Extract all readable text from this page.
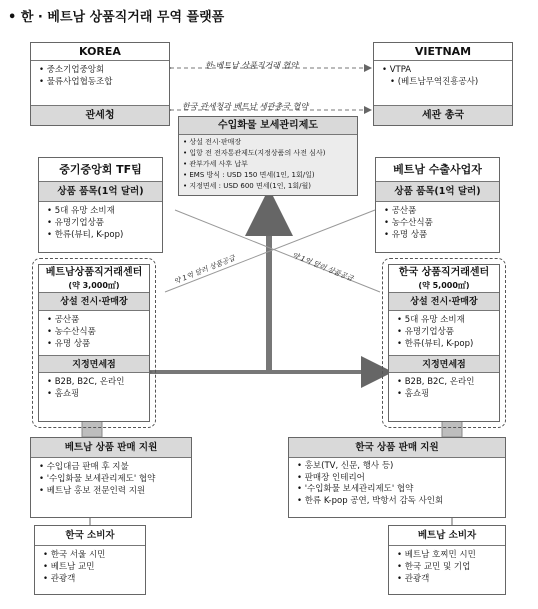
• 한 · 베트남 상품직거래 무역 플랫폼
한-베트남 상품직거래 협약
한국 관세청과 베트남 세관총국 협약
약 1억 달러 상품공급	약 1억 달러 상품공급
KOREA
• 중소기업중앙회
• 물류사업협동조합
관세청
VIETNAM
• VTPA
• (베트남무역진흥공사)
세관 총국
수입화물 보세관리제도
• 상설 전시·판매장
• 입항 전 전자통관제도(지정상품의 사전 심사)
• 관부가세 사후 납부
• EMS 방식 : USD 150 면세(1인, 1회/일)
• 지정면세 : USD 600 면세(1인, 1회/월)
중기중앙회 TF팀
상품 품목(1억 달러)
• 5대 유망 소비재
• 유명기업상품
• 한류(뷰티, K-pop)
베트남 수출사업자
상품 품목(1억 달러)
• 공산품
• 농수산식품
• 유명 상품
베트남상품직거래센터
(약 3,000㎡)
상설 전시·판매장
• 공산품
• 농수산식품
• 유명 상품
지정면세점
• B2B, B2C, 온라인
• 홈쇼핑
한국 상품직거래센터
(약 5,000㎡)
상설 전시·판매장
• 5대 유망 소비재
• 유명기업상품
• 한류(뷰티, K-pop)
지정면세점
• B2B, B2C, 온라인
• 홈쇼핑
베트남 상품 판매 지원
• 수입대금 판매 후 지불
• '수입화물 보세관리제도' 협약
• 베트남 홍보 전문인력 지원
한국 상품 판매 지원
• 홍보(TV, 신문, 행사 등)
• 판매장 인테리어
• '수입화물 보세관리제도' 협약
• 한류 K-pop 공연, 박항서 감독 사인회
한국 소비자
• 한국 서울 시민
• 베트남 교민
• 관광객
베트남 소비자
• 베트남 호찌민 시민
• 한국 교민 및 기업
• 관광객
